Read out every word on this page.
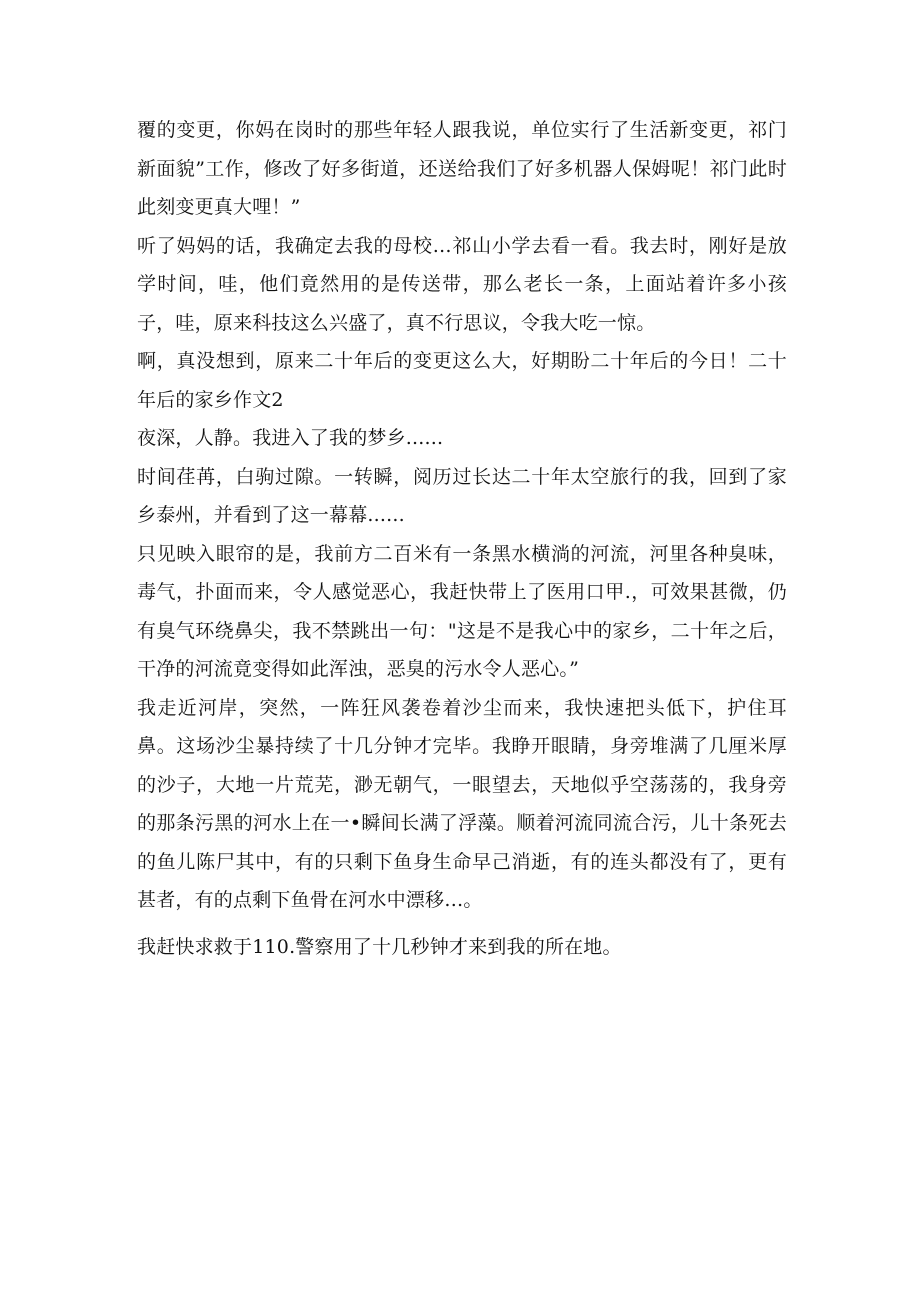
覆的变更，你妈在岗时的那些年轻人跟我说，单位实行了生活新变更，祁门新面貌”工作，修改了好多街道，还送给我们了好多机器人保姆呢！祁门此时此刻变更真大哩！”

听了妈妈的话，我确定去我的母校…祁山小学去看一看。我去时，刚好是放学时间，哇，他们竟然用的是传送带，那么老长一条，上面站着许多小孩子，哇，原来科技这么兴盛了，真不行思议，令我大吃一惊。

啊，真没想到，原来二十年后的变更这么大，好期盼二十年后的今日！二十年后的家乡作文2

夜深，人静。我进入了我的梦乡......

时间荏苒，白驹过隙。一转瞬，阅历过长达二十年太空旅行的我，回到了家乡泰州，并看到了这一幕幕......

只见映入眼帘的是，我前方二百米有一条黑水横淌的河流，河里各种臭味，毒气，扑面而来，令人感觉恶心，我赶快带上了医用口甲.，可效果甚微，仍有臭气环绕鼻尖，我不禁跳出一句："这是不是我心中的家乡，二十年之后，干净的河流竟变得如此浑浊，恶臭的污水令人恶心。”

我走近河岸，突然，一阵狂风袭卷着沙尘而来，我快速把头低下，护住耳鼻。这场沙尘暴持续了十几分钟才完毕。我睁开眼睛，身旁堆满了几厘米厚的沙子，大地一片荒芜，渺无朝气，一眼望去，天地似乎空荡荡的，我身旁的那条污黑的河水上在一•瞬间长满了浮藻。顺着河流同流合污，儿十条死去的鱼儿陈尸其中，有的只剩下鱼身生命早己消逝，有的连头都没有了，更有甚者，有的点剩下鱼骨在河水中漂移…。

我赶快求救于110.警察用了十几秒钟才来到我的所在地。
